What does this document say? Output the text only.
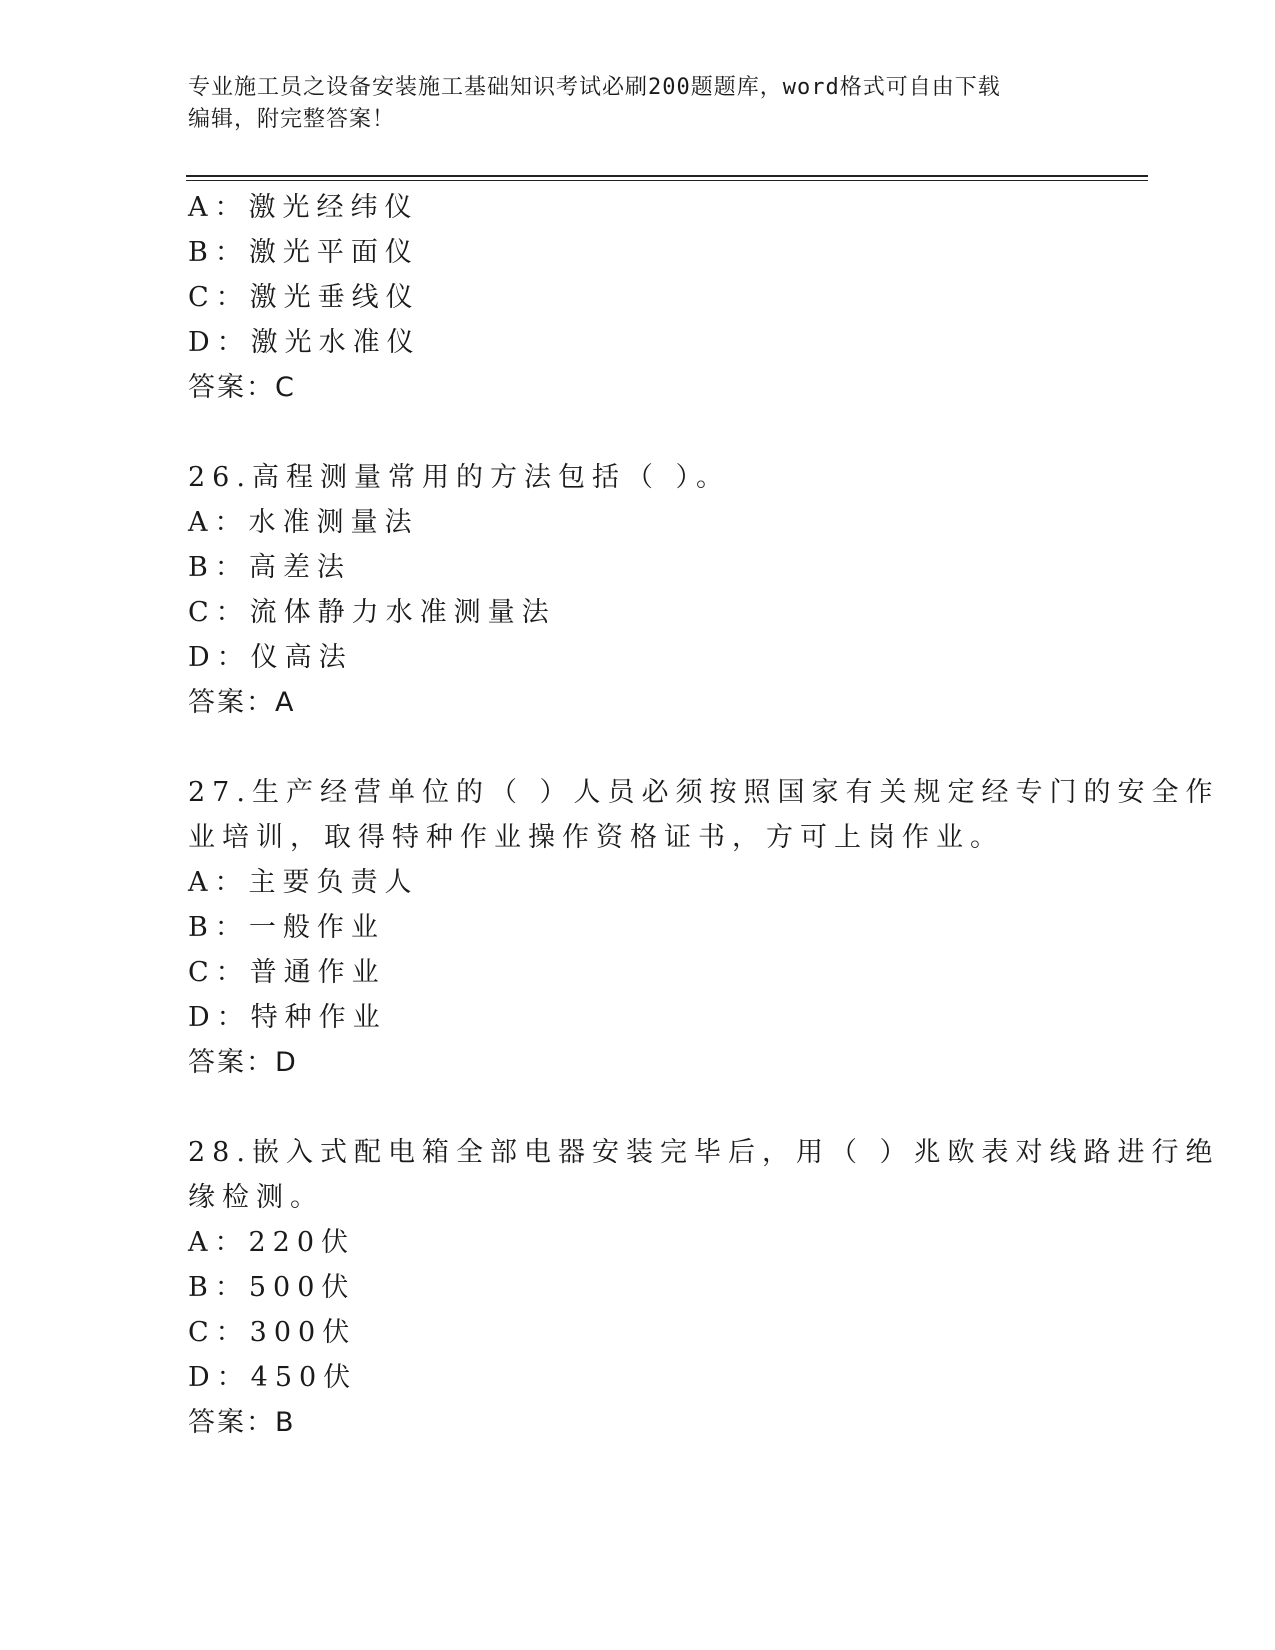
专业施工员之设备安装施工基础知识考试必刷200题题库，word格式可自由下载
编辑，附完整答案！
A：激光经纬仪
B：激光平面仪
C：激光垂线仪
D：激光水准仪
答案：C
26.高程测量常用的方法包括（ ）。
A：水准测量法
B：高差法
C：流体静力水准测量法
D：仪高法
答案：A
27.生产经营单位的（ ）人员必须按照国家有关规定经专门的安全作
业培训，取得特种作业操作资格证书，方可上岗作业。
A：主要负责人
B：一般作业
C：普通作业
D：特种作业
答案：D
28.嵌入式配电箱全部电器安装完毕后，用（ ）兆欧表对线路进行绝
缘检测。
A：220伏
B：500伏
C：300伏
D：450伏
答案：B
